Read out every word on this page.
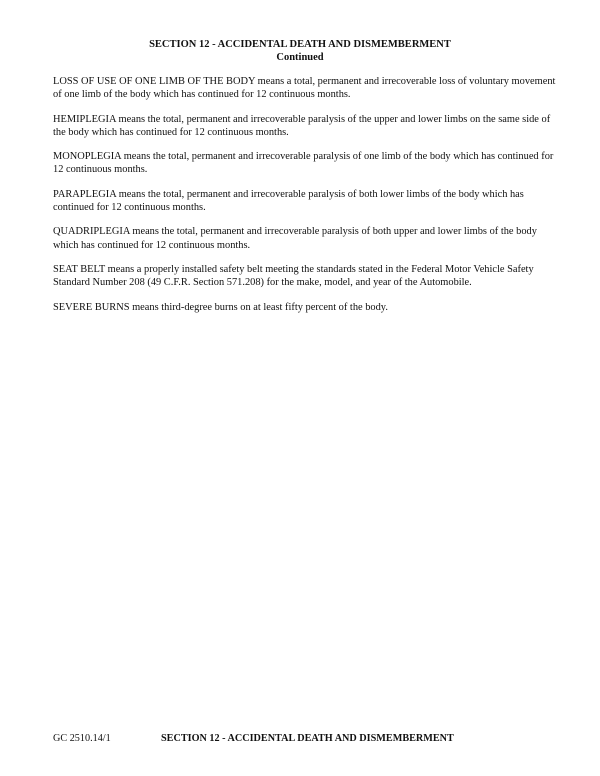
SECTION 12 - ACCIDENTAL DEATH AND DISMEMBERMENT
Continued

LOSS OF USE OF ONE LIMB OF THE BODY means a total, permanent and irrecoverable loss of voluntary movement of one limb of the body which has continued for 12 continuous months.

HEMIPLEGIA means the total, permanent and irrecoverable paralysis of the upper and lower limbs on the same side of the body which has continued for 12 continuous months.

MONOPLEGIA means the total, permanent and irrecoverable paralysis of one limb of the body which has continued for 12 continuous months.

PARAPLEGIA means the total, permanent and irrecoverable paralysis of both lower limbs of the body which has continued for 12 continuous months.

QUADRIPLEGIA means the total, permanent and irrecoverable paralysis of both upper and lower limbs of the body which has continued for 12 continuous months.

SEAT BELT means a properly installed safety belt meeting the standards stated in the Federal Motor Vehicle Safety Standard Number 208 (49 C.F.R. Section 571.208) for the make, model, and year of the Automobile.

SEVERE BURNS means third-degree burns on at least fifty percent of the body.

GC 2510.14/1	SECTION 12 - ACCIDENTAL DEATH AND DISMEMBERMENT
